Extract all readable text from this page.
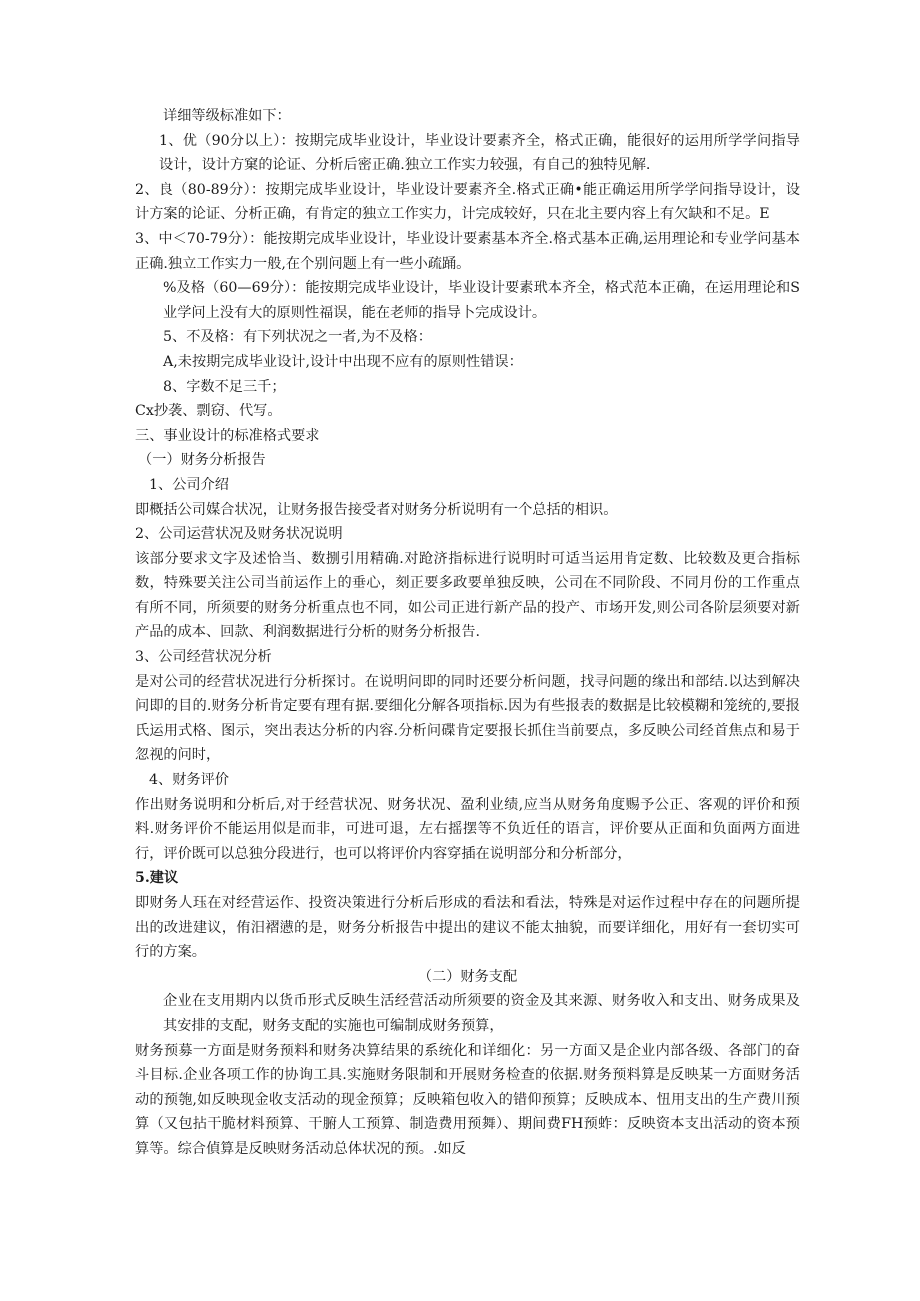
详细等级标准如下：

1、优（90分以上）：按期完成毕业设计，毕业设计要素齐全，格式正确，能很好的运用所学学问指导设计，设计方窠的论证、分析后密正确.独立工作实力较强，有自己的独特见解.

2、良（80-89分）：按期完成毕业设计，毕业设计要素齐全.格式正确•能正确运用所学学问指导设计，设计方案的论证、分析正确，有肯定的独立工作实力，计完成较好，只在北主要内容上有欠缺和不足。E

3、中＜70-79分）：能按期完成毕业设计，毕业设计要素基本齐全.格式基本正确,运用理论和专业学问基本正确.独立工作实力一般,在个别问题上有一些小疏踊。

%及格（60—69分）：能按期完成毕业设计，毕业设计要素玳本齐全，格式范本正确，在运用理论和S业学问上没有大的原则性福误，能在老师的指导卜完成设计。

5、不及格：有下列状况之一者,为不及格：

A,未按期完成毕业设计,设计中出现不应有的原则性错误：

8、字数不足三千；

Cx抄袭、剽窃、代写。

三、事业设计的标准格式要求

（一）财务分析报告

1、公司介绍

即概括公司媒合状况，让财务报告接受者对财务分析说明有一个总括的相识。

2、公司运营状况及财务状况说明

该部分要求文字及述恰当、数捌引用精确.对跄济指标进行说明时可适当运用肯定数、比较数及更合指标数，特殊要关注公司当前运作上的垂心，刻正要多政要单独反映，公司在不同阶段、不同月份的工作重点有所不同，所须要的财务分析重点也不同，如公司正进行新产品的投产、市场开发,则公司各阶层须要对新产品的成本、回款、利润数据进行分析的财务分析报告.

3、公司经营状况分析

是对公司的经营状况进行分析探讨。在说明问即的同时还要分析问题，找寻问题的缘出和部结.以达到解决问即的目的.财务分析肯定要有理有据.要细化分解各项指标.因为有些报表的数据是比较模糊和笼统的,要报氏运用式格、图示，突出表达分析的内容.分析问碟肯定要报长抓住当前要点，多反映公司经首焦点和易于忽视的问时，

4、财务评价

作出财务说明和分析后,对于经营状况、财务状况、盈利业绩,应当从财务角度赐予公正、客观的评价和预料.财务评价不能运用似是而非，可进可退，左右摇摆等不负近任的语言，评价要从正面和负面两方面进行，评价既可以总独分段进行，也可以将评价内容穿插在说明部分和分析部分，

5.建议

即财务人珏在对经营运作、投资决策进行分析后形成的看法和看法，特殊是对运作过程中存在的问题所提出的改进建议，侑汨褶懑的是，财务分析报告中提出的建议不能太抽貌，而要详细化，用好有一套切实可行的方案。

（二）财务支配

企业在支用期内以货币形式反映生活经营活动所须要的资金及其来源、财务收入和支出、财务成果及其安排的支配，财务支配的实施也可编制成财务预算，

财务预募一方面是财务预料和财务决算结果的系统化和详细化：另一方面又是企业内部各级、各部门的奋斗目标.企业各项工作的协询工具.实施财务限制和开展财务检查的依据.财务预料算是反映某一方面财务活动的预匏,如反映现金收支活动的现金预算；反映箱包收入的错仰预算；反映成本、忸用支出的生产费川预算（又包拈干脆材料预算、干腑人工预算、制造费用预舞）、期间费FH预蚱：反映资本支出活动的资本预算等。综合偵算是反映财务活动总体状况的预。.如反
